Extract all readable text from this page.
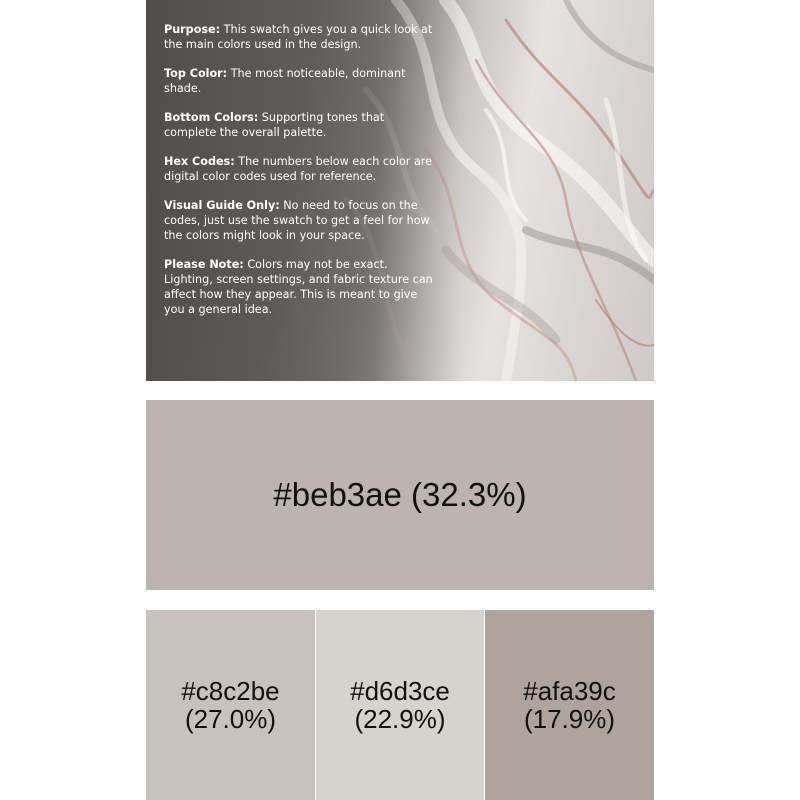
Purpose: This swatch gives you a quick look at the main colors used in the design.

Top Color: The most noticeable, dominant shade.

Bottom Colors: Supporting tones that complete the overall palette.

Hex Codes: The numbers below each color are digital color codes used for reference.

Visual Guide Only: No need to focus on the codes, just use the swatch to get a feel for how the colors might look in your space.

Please Note: Colors may not be exact. Lighting, screen settings, and fabric texture can affect how they appear. This is meant to give you a general idea.

#beb3ae (32.3%)
#c8c2be
(27.0%)
#d6d3ce
(22.9%)
#afa39c
(17.9%)
